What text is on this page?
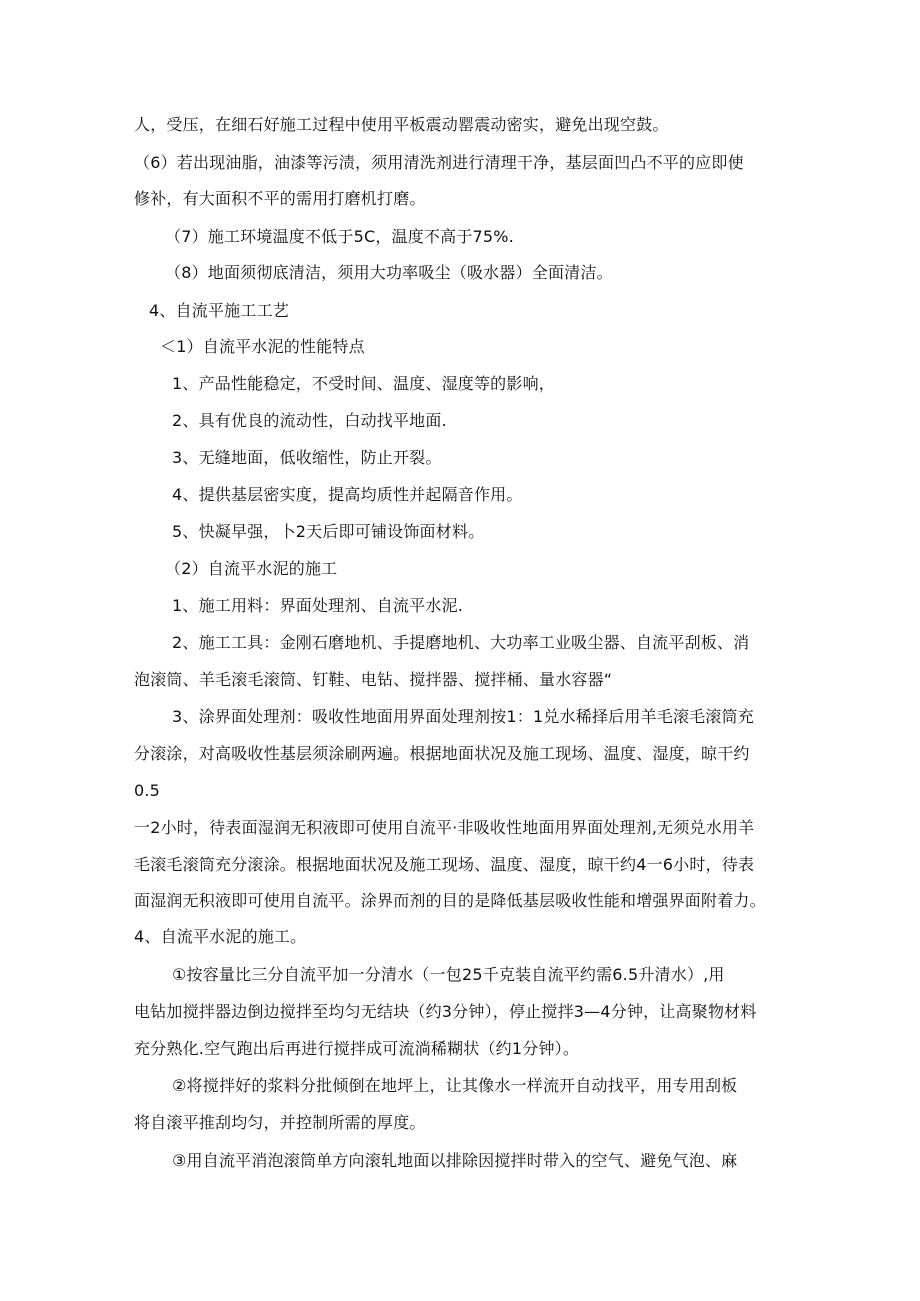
人，受压，在细石好施工过程中使用平板震动罂震动密实，避免出现空鼓。
（6）若出现油脂，油漆等污渍，须用清洗剂进行清理干净，基层面凹凸不平的应即使
修补，有大面积不平的需用打磨机打磨。
（7）施工环境温度不低于5C，温度不高于75%.
（8）地面须彻底清洁，须用大功率吸尘（吸水器）全面清洁。
4、自流平施工工艺
＜1）自流平水泥的性能特点
1、产品性能稳定，不受时间、温度、湿度等的影响，
2、具有优良的流动性，白动找平地面.
3、无缝地面，低收缩性，防止开裂。
4、提供基层密实度，提高均质性并起隔音作用。
5、快凝早强，卜2天后即可铺设饰面材料。
（2）自流平水泥的施工
1、施工用料：界面处理剂、自流平水泥.
2、施工工具：金刚石磨地机、手提磨地机、大功率工业吸尘器、自流平刮板、消
泡滚筒、羊毛滚毛滚筒、钉鞋、电钻、搅拌器、搅拌桶、量水容器“
3、涂界面处理剂：吸收性地面用界面处理剂按1：1兑水稀择后用羊毛滚毛滚筒充
分滚涂，对高吸收性基层须涂刷两遍。根据地面状况及施工现场、温度、湿度，晾干约
0.5
一2小时，待表面湿润无积液即可使用自流平·非吸收性地面用界面处理剂,无须兑水用羊
毛滚毛滚筒充分滚涂。根据地面状况及施工现场、温度、湿度，晾干约4一6小时，待表
面湿润无积液即可使用自流平。涂界而剂的目的是降低基层吸收性能和增强界面附着力。
4、自流平水泥的施工。
①按容量比三分自流平加一分清水（一包25千克装自流平约需6.5升清水）,用
电钻加搅拌器边倒边搅拌至均匀无结块（约3分钟），停止搅拌3—4分钟，让高聚物材料
充分熟化.空气跑出后再进行搅拌成可流淌稀糊状（约1分钟）。
②将搅拌好的浆料分批倾倒在地坪上，让其像水一样流开自动找平，用专用刮板
将自滚平推刮均匀，并控制所需的厚度。
③用自流平消泡滚筒单方向滚轧地面以排除因搅拌时带入的空气、避免气泡、麻
